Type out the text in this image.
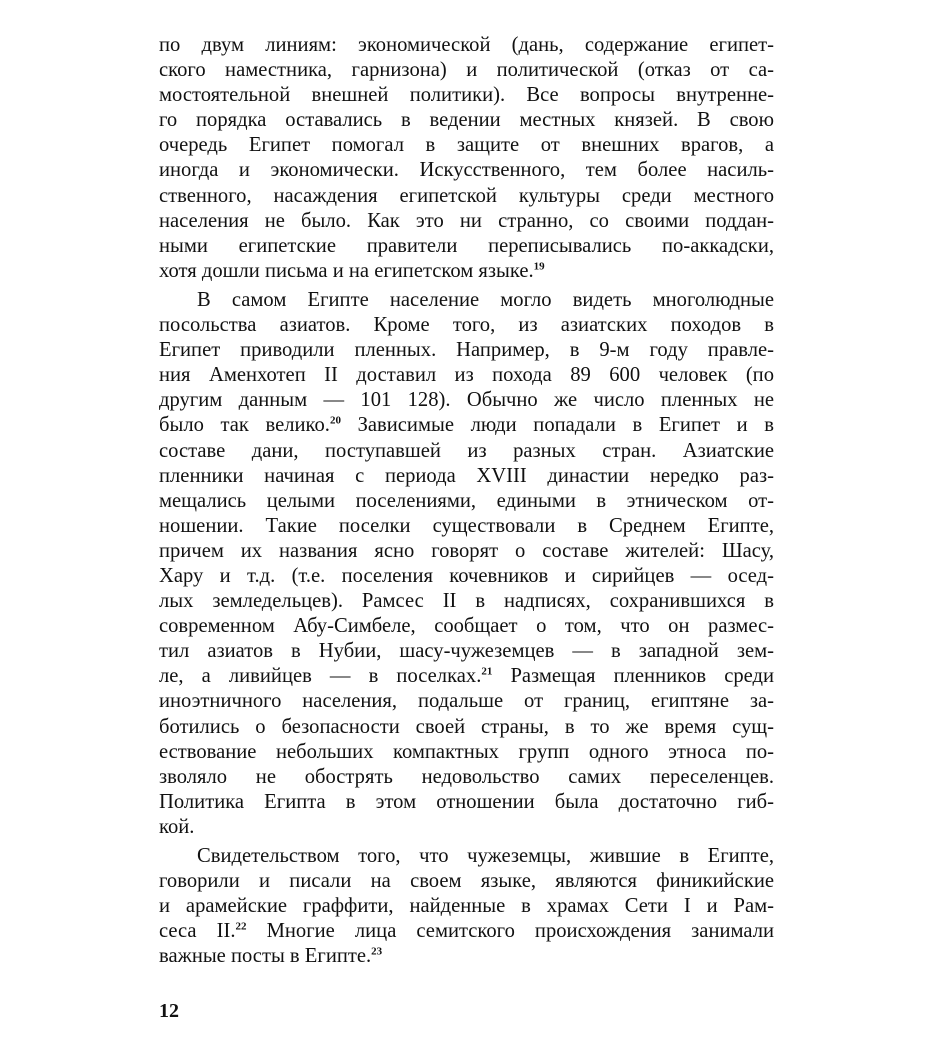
по двум линиям: экономической (дань, содержание египет-
ского наместника, гарнизона) и политической (отказ от са-
мостоятельной внешней политики). Все вопросы внутренне-
го порядка оставались в ведении местных князей. В свою
очередь Египет помогал в защите от внешних врагов, а
иногда и экономически. Искусственного, тем более насиль-
ственного, насаждения египетской культуры среди местного
населения не было. Как это ни странно, со своими поддан-
ными египетские правители переписывались по-аккадски,
хотя дошли письма и на египетском языке.$^{19}$
В самом Египте население могло видеть многолюдные
посольства азиатов. Кроме того, из азиатских походов в
Египет приводили пленных. Например, в 9-м году правле-
ния Аменхотеп II доставил из похода 89 600 человек (по
другим данным — 101 128). Обычно же число пленных не
было так велико.$^{20}$ Зависимые люди попадали в Египет и в
составе дани, поступавшей из разных стран. Азиатские
пленники начиная с периода XVIII династии нередко раз-
мещались целыми поселениями, едиными в этническом от-
ношении. Такие поселки существовали в Среднем Египте,
причем их названия ясно говорят о составе жителей: Шасу,
Хару и т.д. (т.е. поселения кочевников и сирийцев — осед-
лых земледельцев). Рамсес II в надписях, сохранившихся в
современном Абу-Симбеле, сообщает о том, что он размес-
тил азиатов в Нубии, шасу-чужеземцев — в западной зем-
ле, а ливийцев — в поселках.$^{21}$ Размещая пленников среди
иноэтничного населения, подальше от границ, египтяне за-
ботились о безопасности своей страны, в то же время сущ-
ествование небольших компактных групп одного этноса по-
зволяло не обострять недовольство самих переселенцев.
Политика Египта в этом отношении была достаточно гиб-
кой.
Свидетельством того, что чужеземцы, жившие в Египте,
говорили и писали на своем языке, являются финикийские
и арамейские граффити, найденные в храмах Сети I и Рам-
сеса II.$^{22}$ Многие лица семитского происхождения занимали
важные посты в Египте.$^{23}$
12
